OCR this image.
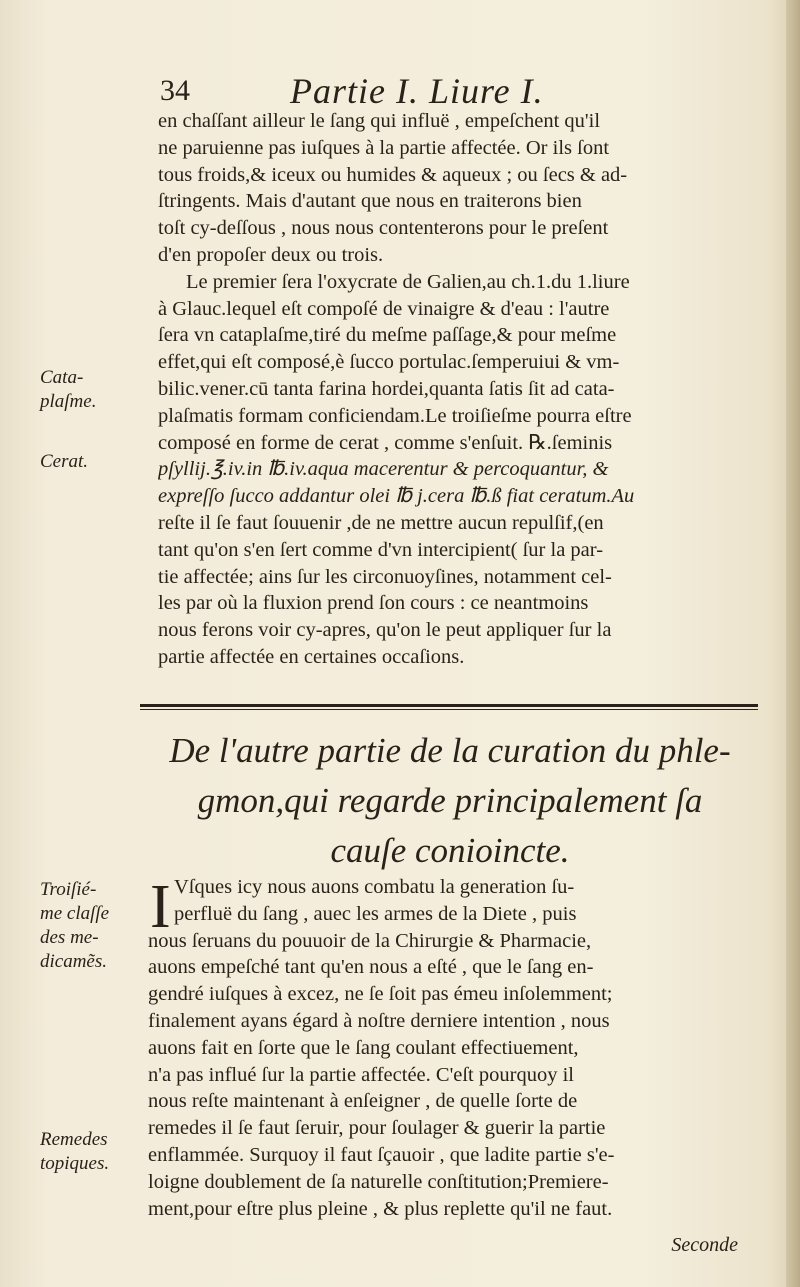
34	Partie I. Liure I.
en chaſſant ailleur le ſang qui influë , empeſchent qu'il
ne paruienne pas iuſques à la partie affectée. Or ils ſont
tous froids,& iceux ou humides & aqueux ; ou ſecs & ad-
ſtringents. Mais d'autant que nous en traiterons bien
toſt cy-deſſous , nous nous contenterons pour le preſent
d'en propoſer deux ou trois.
Le premier ſera l'oxycrate de Galien,au ch.1.du 1.liure
à Glauc.lequel eſt compoſé de vinaigre & d'eau : l'autre
ſera vn cataplaſme,tiré du meſme paſſage,& pour meſme
effet,qui eſt composé,è ſucco portulac.ſemperuiui & vm-
bilic.vener.cū tanta farina hordei,quanta ſatis ſit ad cata-
plaſmatis formam conficiendam.Le troiſieſme pourra eſtre
composé en forme de cerat , comme s'enſuit. ℞.ſeminis
pſyllij.℥.iv.in ℔.iv.aqua macerentur & percoquantur, &
expreſſo ſucco addantur olei ℔ j.cera ℔.ß fiat ceratum.Au
reſte il ſe faut ſouuenir ,de ne mettre aucun repulſif,(en
tant qu'on s'en ſert comme d'vn intercipient( ſur la par-
tie affectée; ains ſur les circonuoyſines, notamment cel-
les par où la fluxion prend ſon cours : ce neantmoins
nous ferons voir cy-apres, qu'on le peut appliquer ſur la
partie affectée en certaines occaſions.
De l'autre partie de la curation du phle-
gmon,qui regarde principalement ſa
cauſe conioincte.
I Vſques icy nous auons combatu la generation ſu-
perfluë du ſang , auec les armes de la Diete , puis
nous ſeruans du pouuoir de la Chirurgie & Pharmacie,
auons empeſché tant qu'en nous a eſté , que le ſang en-
gendré iuſques à excez, ne ſe ſoit pas émeu inſolemment;
finalement ayans égard à noſtre derniere intention , nous
auons fait en ſorte que le ſang coulant effectiuement,
n'a pas influé ſur la partie affectée. C'eſt pourquoy il
nous reſte maintenant à enſeigner , de quelle ſorte de
remedes il ſe faut ſeruir, pour ſoulager & guerir la partie
enflammée. Surquoy il faut ſçauoir , que ladite partie s'e-
loigne doublement de ſa naturelle conſtitution;Premiere-
ment,pour eſtre plus pleine , & plus replette qu'il ne faut.
Cata-
plaſme.
Cerat.
Troiſié-
me claſſe
des me-
dicamẽs.
Remedes
topiques.
Seconde
